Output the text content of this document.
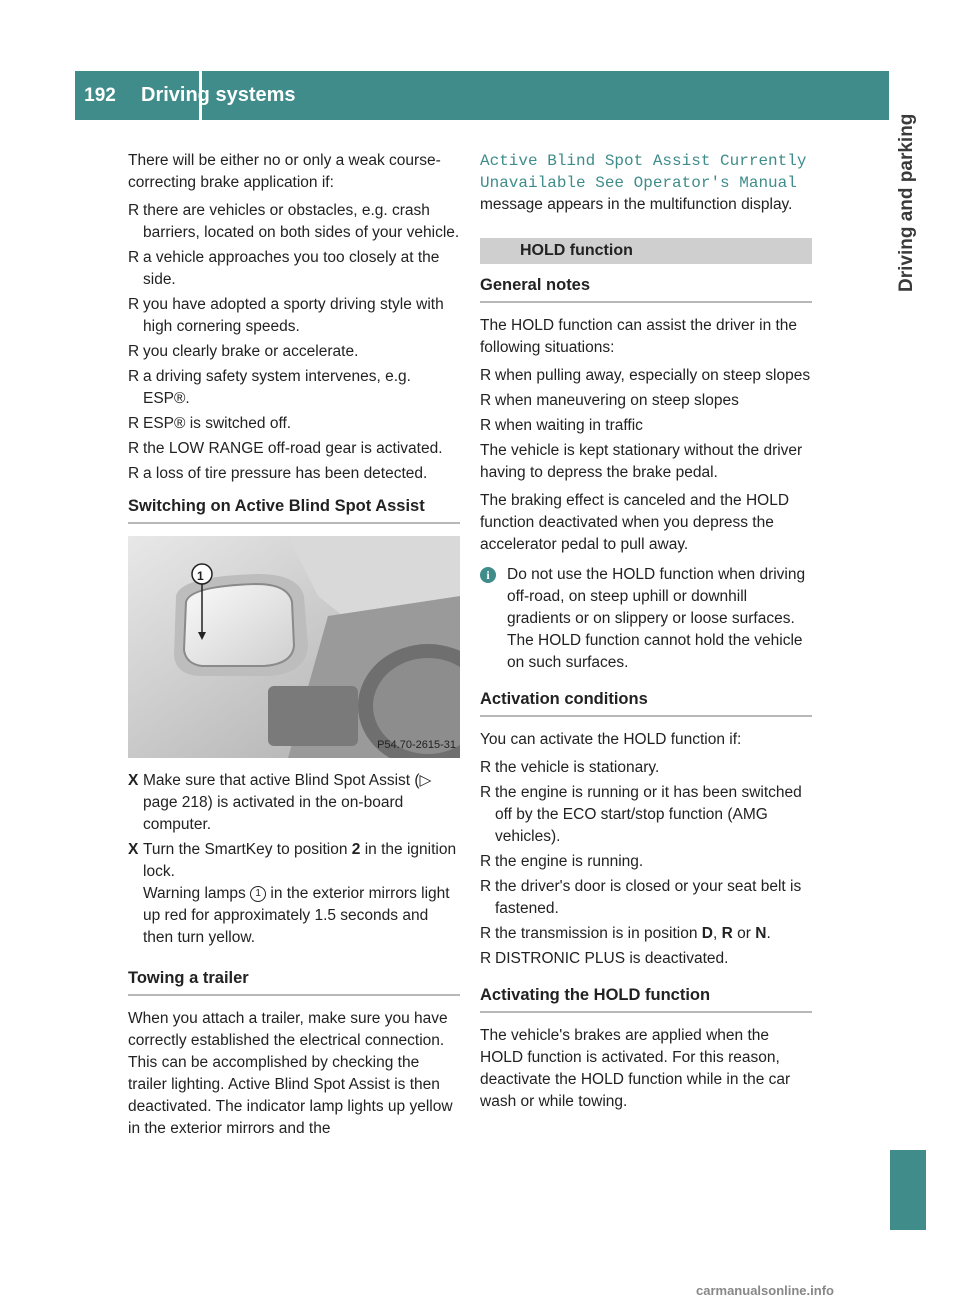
192	Driving systems
Driving and parking

There will be either no or only a weak course-correcting brake application if:

R there are vehicles or obstacles, e.g. crash barriers, located on both sides of your vehicle.
R a vehicle approaches you too closely at the side.
R you have adopted a sporty driving style with high cornering speeds.
R you clearly brake or accelerate.
R a driving safety system intervenes, e.g. ESP®.
R ESP® is switched off.
R the LOW RANGE off-road gear is activated.
R a loss of tire pressure has been detected.
Switching on Active Blind Spot Assist
1
P54.70-2615-31
X Make sure that active Blind Spot Assist (▷ page 218) is activated in the on-board computer.
X Turn the SmartKey to position 2 in the ignition lock.
Warning lamps 1 in the exterior mirrors light up red for approximately 1.5 seconds and then turn yellow.
Towing a trailer

When you attach a trailer, make sure you have correctly established the electrical connection. This can be accomplished by checking the trailer lighting. Active Blind Spot Assist is then deactivated. The indicator lamp lights up yellow in the exterior mirrors and the

Active Blind Spot Assist Currently Unavailable See Operator's Manual
message appears in the multifunction display.

HOLD function
General notes

The HOLD function can assist the driver in the following situations:

R when pulling away, especially on steep slopes
R when maneuvering on steep slopes
R when waiting in traffic

The vehicle is kept stationary without the driver having to depress the brake pedal.

The braking effect is canceled and the HOLD function deactivated when you depress the accelerator pedal to pull away.

i	Do not use the HOLD function when driving off-road, on steep uphill or downhill gradients or on slippery or loose surfaces. The HOLD function cannot hold the vehicle on such surfaces.
Activation conditions

You can activate the HOLD function if:

R the vehicle is stationary.
R the engine is running or it has been switched off by the ECO start/stop function (AMG vehicles).
R the engine is running.
R the driver's door is closed or your seat belt is fastened.
R the transmission is in position D, R or N.
R DISTRONIC PLUS is deactivated.
Activating the HOLD function

The vehicle's brakes are applied when the HOLD function is activated. For this reason, deactivate the HOLD function while in the car wash or while towing.

carmanualsonline.info
